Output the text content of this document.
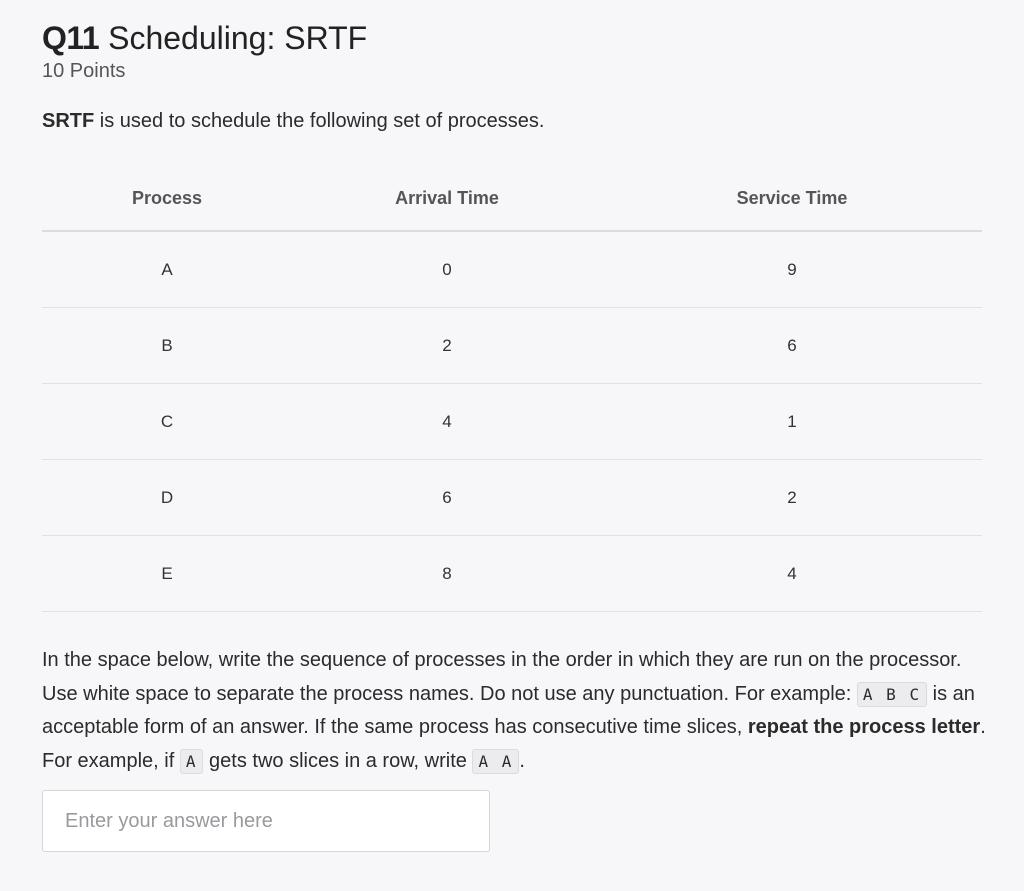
Q11 Scheduling: SRTF
10 Points
SRTF is used to schedule the following set of processes.
Process	Arrival Time	Service Time
A	0	9
B	2	6
C	4	1
D	6	2
E	8	4
In the space below, write the sequence of processes in the order in which they are run on the processor. Use white space to separate the process names. Do not use any punctuation. For example: A B C is an acceptable form of an answer. If the same process has consecutive time slices, repeat the process letter. For example, if A gets two slices in a row, write A A .
Enter your answer here
